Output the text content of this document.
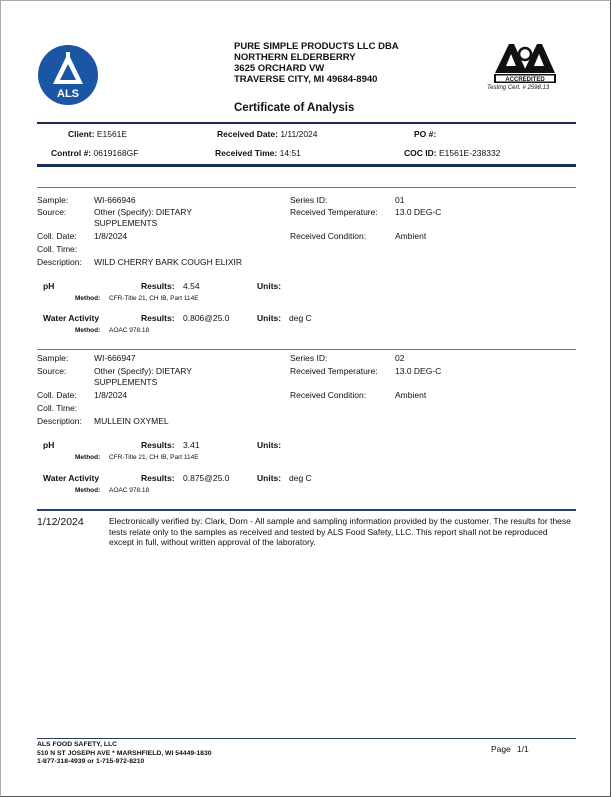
ALS
PURE SIMPLE PRODUCTS LLC DBA
NORTHERN ELDERBERRY
3625 ORCHARD VW
TRAVERSE CITY, MI 49684-8940	ACCREDITED
Testing Cert. # 2598.13
Certificate of Analysis
Client: E1561E	Received Date: 1/11/2024	PO #:
Control #: 0619168GF	Received Time: 14:51	COC ID: E1561E-238332
Sample:	WI-666946
Source:	Other (Specify): DIETARY
SUPPLEMENTS
Coll. Date: 1/8/2024
Coll. Time:
Description: WILD CHERRY BARK COUGH ELIXIR
Series ID:	01
Received Temperature: 13.0 DEG-C
Received Condition:	Ambient
pH	Results: 4.54	Units:
Method: CFR-Title 21, CH IB, Part 114E
Water Activity	Results: 0.806@25.0	Units: deg C
Method: AOAC 978.18
Sample:	WI-666947
Source:	Other (Specify): DIETARY
SUPPLEMENTS
Coll. Date: 1/8/2024
Coll. Time:
Description: MULLEIN OXYMEL
Series ID:	02
Received Temperature: 13.0 DEG-C
Received Condition:	Ambient
pH	Results: 3.41	Units:
Method: CFR-Title 21, CH IB, Part 114E
Water Activity	Results: 0.875@25.0	Units: deg C
Method: AOAC 978.18
1/12/2024	Electronically verified by: Clark, Dorn - All sample and sampling information provided by the customer. The results for these tests relate only to the samples as received and tested by ALS Food Safety, LLC. This report shall not be reproduced except in full, without written approval of the laboratory.
ALS FOOD SAFETY, LLC
510 N ST JOSEPH AVE * MARSHFIELD, WI 54449-1830
1-877-318-4939 or 1-715-972-8210
Page 1/1
